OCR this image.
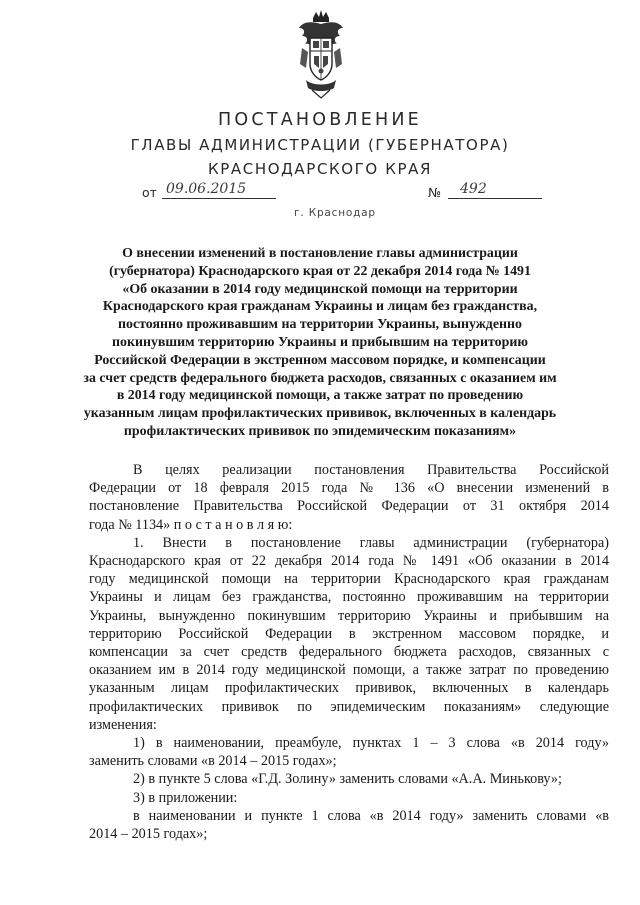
ПОСТАНОВЛЕНИЕ
ГЛАВЫ АДМИНИСТРАЦИИ (ГУБЕРНАТОРА)
КРАСНОДАРСКОГО КРАЯ
от 09.06.2015	№	492
г. Краснодар

О внесении изменений в постановление главы администрации
(губернатора) Краснодарского края от 22 декабря 2014 года № 1491
«Об оказании в 2014 году медицинской помощи на территории
Краснодарского края гражданам Украины и лицам без гражданства,
постоянно проживавшим на территории Украины, вынужденно
покинувшим территорию Украины и прибывшим на территорию
Российской Федерации в экстренном массовом порядке, и компенсации
за счет средств федерального бюджета расходов, связанных с оказанием им
в 2014 году медицинской помощи, а также затрат по проведению
указанным лицам профилактических прививок, включенных в календарь
профилактических прививок по эпидемическим показаниям»

В целях реализации постановления Правительства Российской
Федерации от 18 февраля 2015 года № 136 «О внесении изменений в
постановление Правительства Российской Федерации от 31 октября 2014
года № 1134» п о с т а н о в л я ю:
1. Внести в постановление главы администрации (губернатора)
Краснодарского края от 22 декабря 2014 года № 1491 «Об оказании в 2014
году медицинской помощи на территории Краснодарского края гражданам
Украины и лицам без гражданства, постоянно проживавшим на территории
Украины, вынужденно покинувшим территорию Украины и прибывшим на
территорию Российской Федерации в экстренном массовом порядке, и
компенсации за счет средств федерального бюджета расходов, связанных с
оказанием им в 2014 году медицинской помощи, а также затрат по проведению
указанным лицам профилактических прививок, включенных в календарь
профилактических прививок по эпидемическим показаниям» следующие
изменения:
1) в наименовании, преамбуле, пунктах 1 – 3 слова «в 2014 году»
заменить словами «в 2014 – 2015 годах»;
2) в пункте 5 слова «Г.Д. Золину» заменить словами «А.А. Минькову»;
3) в приложении:
в наименовании и пункте 1 слова «в 2014 году» заменить словами «в
2014 – 2015 годах»;
